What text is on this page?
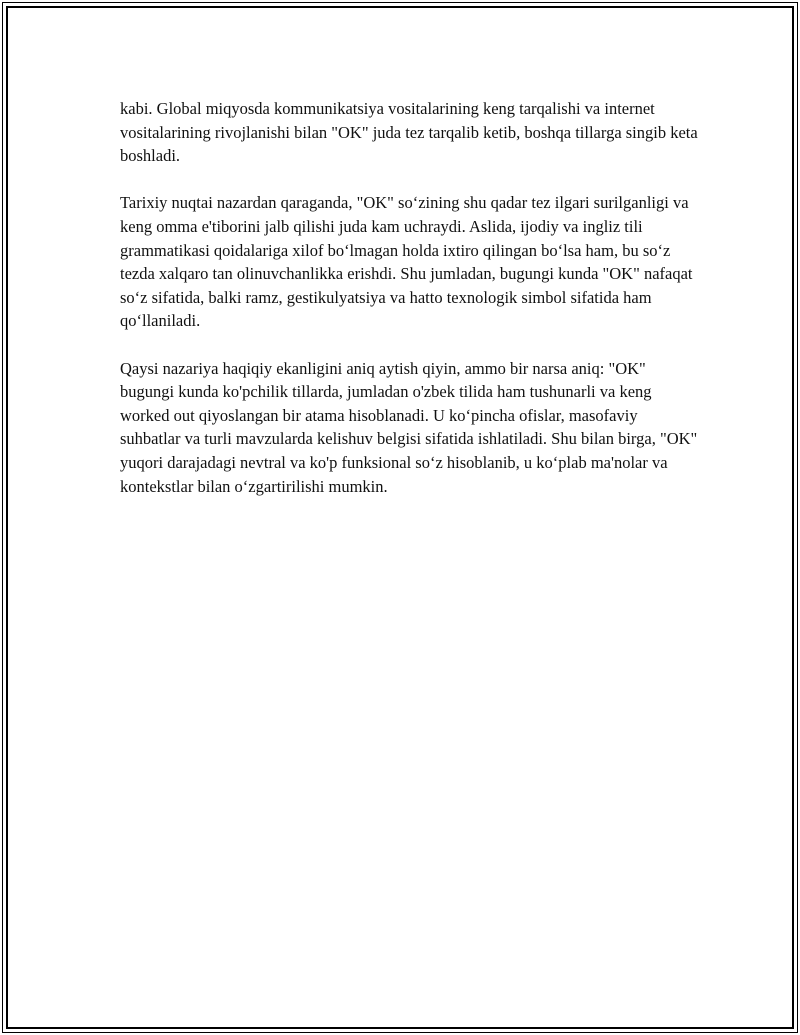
kabi. Global miqyosda kommunikatsiya vositalarining keng tarqalishi va internet vositalarining rivojlanishi bilan "OK" juda tez tarqalib ketib, boshqa tillarga singib keta boshladi.

Tarixiy nuqtai nazardan qaraganda, "OK" so‘zining shu qadar tez ilgari surilganligi va keng omma e'tiborini jalb qilishi juda kam uchraydi. Aslida, ijodiy va ingliz tili grammatikasi qoidalariga xilof bo‘lmagan holda ixtiro qilingan bo‘lsa ham, bu so‘z tezda xalqaro tan olinuvchanlikka erishdi. Shu jumladan, bugungi kunda "OK" nafaqat so‘z sifatida, balki ramz, gestikulyatsiya va hatto texnologik simbol sifatida ham qo‘llaniladi.

Qaysi nazariya haqiqiy ekanligini aniq aytish qiyin, ammo bir narsa aniq: "OK" bugungi kunda ko'pchilik tillarda, jumladan o'zbek tilida ham tushunarli va keng worked out qiyoslangan bir atama hisoblanadi. U ko‘pincha ofislar, masofaviy suhbatlar va turli mavzularda kelishuv belgisi sifatida ishlatiladi. Shu bilan birga, "OK" yuqori darajadagi nevtral va ko'p funksional so‘z hisoblanib, u ko‘plab ma'nolar va kontekstlar bilan o‘zgartirilishi mumkin.
